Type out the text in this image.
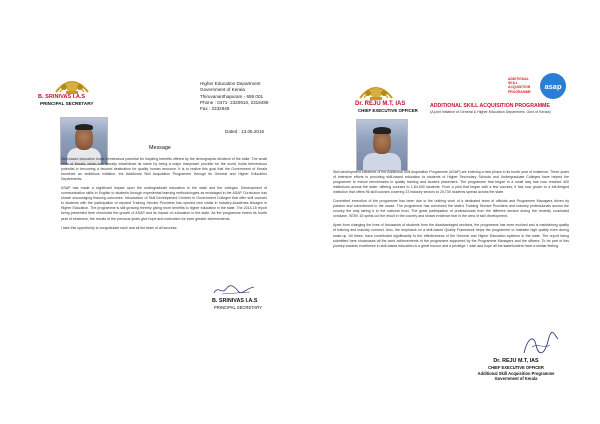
B. SRINIVAS I.A.S
PRINCIPAL SECRETARY
Higher Education Department
Government of Kerala
Thiruvananthapuram - 695 001
Phone : 0471- 2320910, 2316489
Fax : 2332945
Dated : 13.05.2016
Message

Skill-based education holds tremendous potential for inspiring benefits offered by the demographic dividend of the state. The small state of Kerala, which has already established its name by being a major manpower provider for the world, holds tremendous potential in becoming a favored destination for quality human resource. It is to realize this goal that the Government of Kerala launched an ambitious initiative, the Additional Skill Acquisition Programme through its General and Higher Education Departments.

ASAP has made a significant impact upon the undergraduate education in the state and the colleges. Development of communication skills in English to students through experiential learning methodologies as envisaged in the ASAP Curriculum has shown encouraging learning outcomes. Introduction of Skill Development Centres in Government Colleges that offer skill courses to students with the participation of reputed Training Service Providers has opened new vistas in Industry-Academia linkages in Higher Education. The programme is still growing thereby giving more benefits to higher education in the state. The 2014-15 report being presented here chronicles the growth of ASAP and its impact on education in the state. As the programme enters its fourth year of existence, the results of the previous years give hope and motivation for even greater achievements.

I take this opportunity to congratulate each and all the team of all success.

B. SRINIVAS I.A.S
PRINCIPAL SECRETARY
Dr. REJU M.T, IAS
CHIEF EXECUTIVE OFFICER
ADDITIONAL
SKILL
ACQUISITION
PROGRAMME
asap
ADDITIONAL SKILL ACQUISITION PROGRAMME
(A joint initiative of General & Higher Education Department, Govt of Kerala)

Skill development initiatives of the Additional Skill Acquisition Programme (ASAP) are entering a new phase in its fourth year of existence. Three years of intensive efforts in providing skill-based education to students of Higher Secondary Schools and Undergraduate Colleges have helped the programme to evince benchmarks in quality training and student placement. The programme that began in a small way has now reached 400 institutions across the state, offering courses to 1,84,000 students. From a pilot that began with a few courses, it has now grown to a full-fledged institution that offers 96 skill courses covering 23 industry sectors to 25,730 students spread across the state.

Committed execution of the programme has been due to the untiring work of a dedicated team of officials and Programme Managers driven by passion and commitment to the cause. The programme has convinced the state's Training Service Providers and industry professionals across the country the way taking it to the national level. The great participation of professionals from the different sectors during the recently concluded conclave, SEEK 15 spells out the result in the country and shows evidence that in the area of skill development.

Apart from changing the lives of thousands of students from the disadvantaged sections, the programme has even evolved and is maintaining quality of training and industry connect. Also, the emphasis on a skill-based Quality Framework helps the programme to maintain high quality even during scale-up. All these, have contributed significantly to the effectiveness of the General and Higher Education systems in the state. The report being submitted here showcases all the work achievements of the programme supported by the Programme Managers and the officers. To be part of this journey towards excellence in skill-based education is a great honour and a privilege. I wish and hope all the stakeholders have a similar feeling.

Dr. REJU M.T, IAS
CHIEF EXECUTIVE OFFICER
Additional Skill Acquisition Programme
Government of Kerala
